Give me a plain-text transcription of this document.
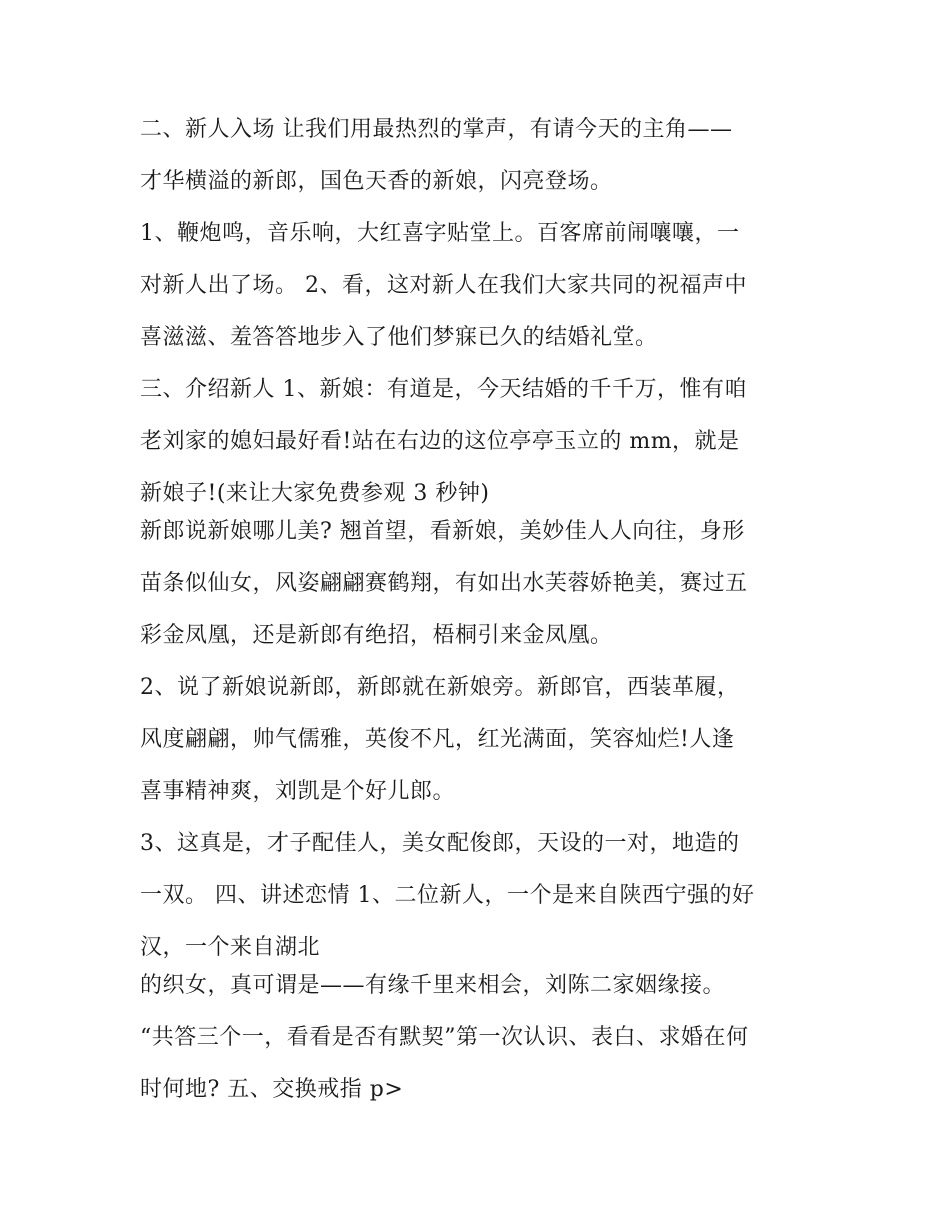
二、新人入场 让我们用最热烈的掌声，有请今天的主角——
才华横溢的新郎，国色天香的新娘，闪亮登场。
1、鞭炮鸣，音乐响，大红喜字贴堂上。百客席前闹嚷嚷，一
对新人出了场。 2、看，这对新人在我们大家共同的祝福声中
喜滋滋、羞答答地步入了他们梦寐已久的结婚礼堂。
三、介绍新人 1、新娘：有道是，今天结婚的千千万，惟有咱
老刘家的媳妇最好看!站在右边的这位亭亭玉立的 mm，就是
新娘子!(来让大家免费参观 3 秒钟)
新郎说新娘哪儿美? 翘首望，看新娘，美妙佳人人向往，身形
苗条似仙女，风姿翩翩赛鹤翔，有如出水芙蓉娇艳美，赛过五
彩金凤凰，还是新郎有绝招，梧桐引来金凤凰。
2、说了新娘说新郎，新郎就在新娘旁。新郎官，西装革履，
风度翩翩，帅气儒雅，英俊不凡，红光满面，笑容灿烂!人逢
喜事精神爽，刘凯是个好儿郎。
3、这真是，才子配佳人，美女配俊郎，天设的一对，地造的
一双。 四、讲述恋情 1、二位新人，一个是来自陕西宁强的好
汉，一个来自湖北
的织女，真可谓是——有缘千里来相会，刘陈二家姻缘接。
“共答三个一，看看是否有默契”第一次认识、表白、求婚在何
时何地? 五、交换戒指 p>
